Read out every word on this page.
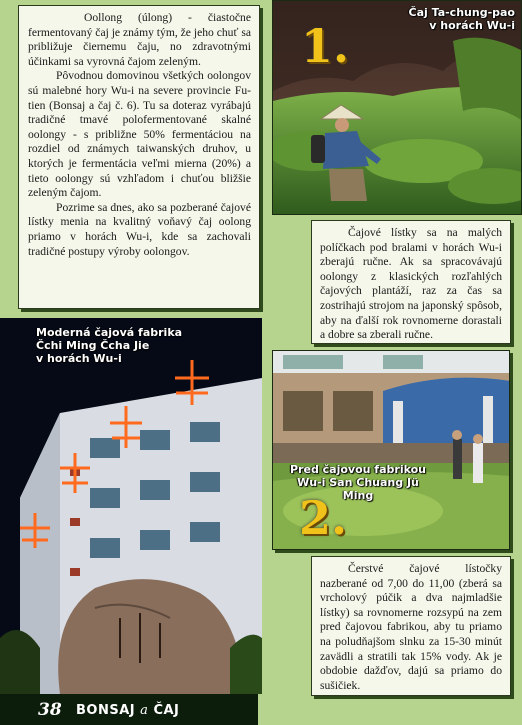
Oollong (úlong) - čiastočne fermentovaný čaj je známy tým, že jeho chuť sa približuje čiernemu čaju, no zdravotnými účinkami sa vyrovná čajom zeleným.

Pôvodnou domovinou všetkých oolongov sú malebné hory Wu-i na severe provincie Fu-tien (Bonsaj a čaj č. 6). Tu sa doteraz vyrábajú tradičné tmavé polofermentované skalné oolongy - s približne 50% fermentáciou na rozdiel od známych taiwanských druhov, u ktorých je fermentácia veľmi mierna (20%) a tieto oolongy sú vzhľadom i chuťou bližšie zeleným čajom.

Pozrime sa dnes, ako sa pozberané čajové lístky menia na kvalitný voňavý čaj oolong priamo v horách Wu-i, kde sa zachovali tradičné postupy výroby oolongov.

Čaj Ta-chung-pao
v horách Wu-i
1.

Čajové lístky sa na malých políčkach pod bralami v horách Wu-i zberajú ručne. Ak sa spracovávajú oolongy z klasických rozľahlých čajových plantáží, raz za čas sa zostrihajú strojom na japonský spôsob, aby na ďalší rok rovnomerne dorastali a dobre sa zberali ručne.

Moderná čajová fabrika
Čchi Ming Čcha Jie
v horách Wu-i
Pred čajovou fabrikou
Wu-i San Chuang Jü Ming
2.

Čerstvé čajové lístočky nazberané od 7,00 do 11,00 (zberá sa vrcholový púčik a dva najmladšie lístky) sa rovnomerne rozsypú na zem pred čajovou fabrikou, aby tu priamo na poludňajšom slnku za 15-30 minút zavädli a stratili tak 15% vody. Ak je obdobie dažďov, dajú sa priamo do sušičiek.

38 BONSAJ a ČAJ
